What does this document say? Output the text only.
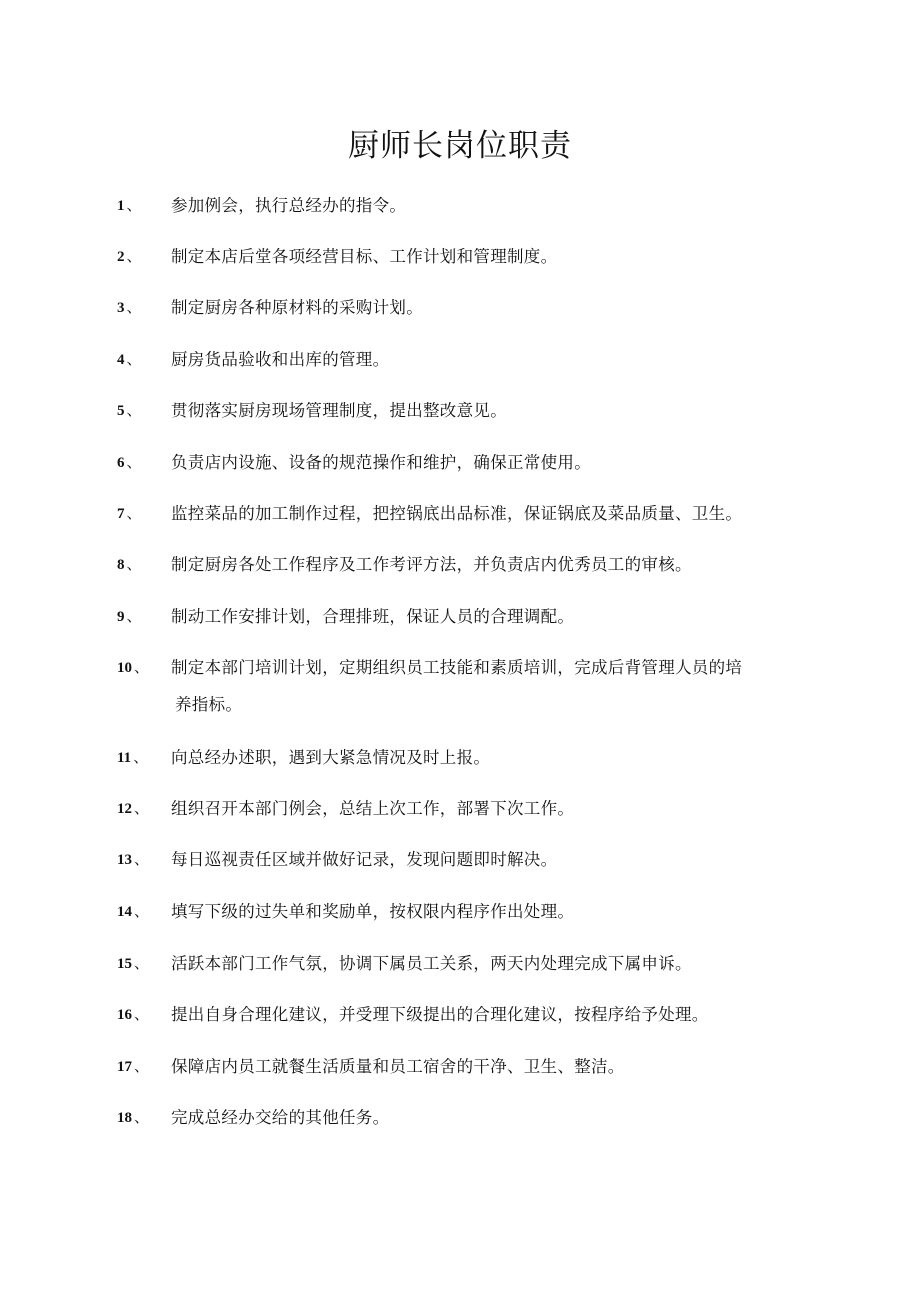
厨师长岗位职责
1 、 参加例会，执行总经办的指令。
2 、 制定本店后堂各项经营目标、工作计划和管理制度。
3 、 制定厨房各种原材料的采购计划。
4 、 厨房货品验收和出库的管理。
5 、 贯彻落实厨房现场管理制度，提出整改意见。
6 、 负责店内设施、设备的规范操作和维护，确保正常使用。
7 、 监控菜品的加工制作过程，把控锅底出品标准，保证锅底及菜品质量、卫生。
8 、 制定厨房各处工作程序及工作考评方法，并负责店内优秀员工的审核。
9 、 制动工作安排计划，合理排班，保证人员的合理调配。
10 、 制定本部门培训计划，定期组织员工技能和素质培训，完成后背管理人员的培
养指标。
11 、 向总经办述职，遇到大紧急情况及时上报。
12 、 组织召开本部门例会，总结上次工作，部署下次工作。
13 、 每日巡视责任区域并做好记录，发现问题即时解决。
14 、 填写下级的过失单和奖励单，按权限内程序作出处理。
15 、 活跃本部门工作气氛，协调下属员工关系，两天内处理完成下属申诉。
16 、 提出自身合理化建议，并受理下级提出的合理化建议，按程序给予处理。
17 、 保障店内员工就餐生活质量和员工宿舍的干净、卫生、整洁。
18 、 完成总经办交给的其他任务。
